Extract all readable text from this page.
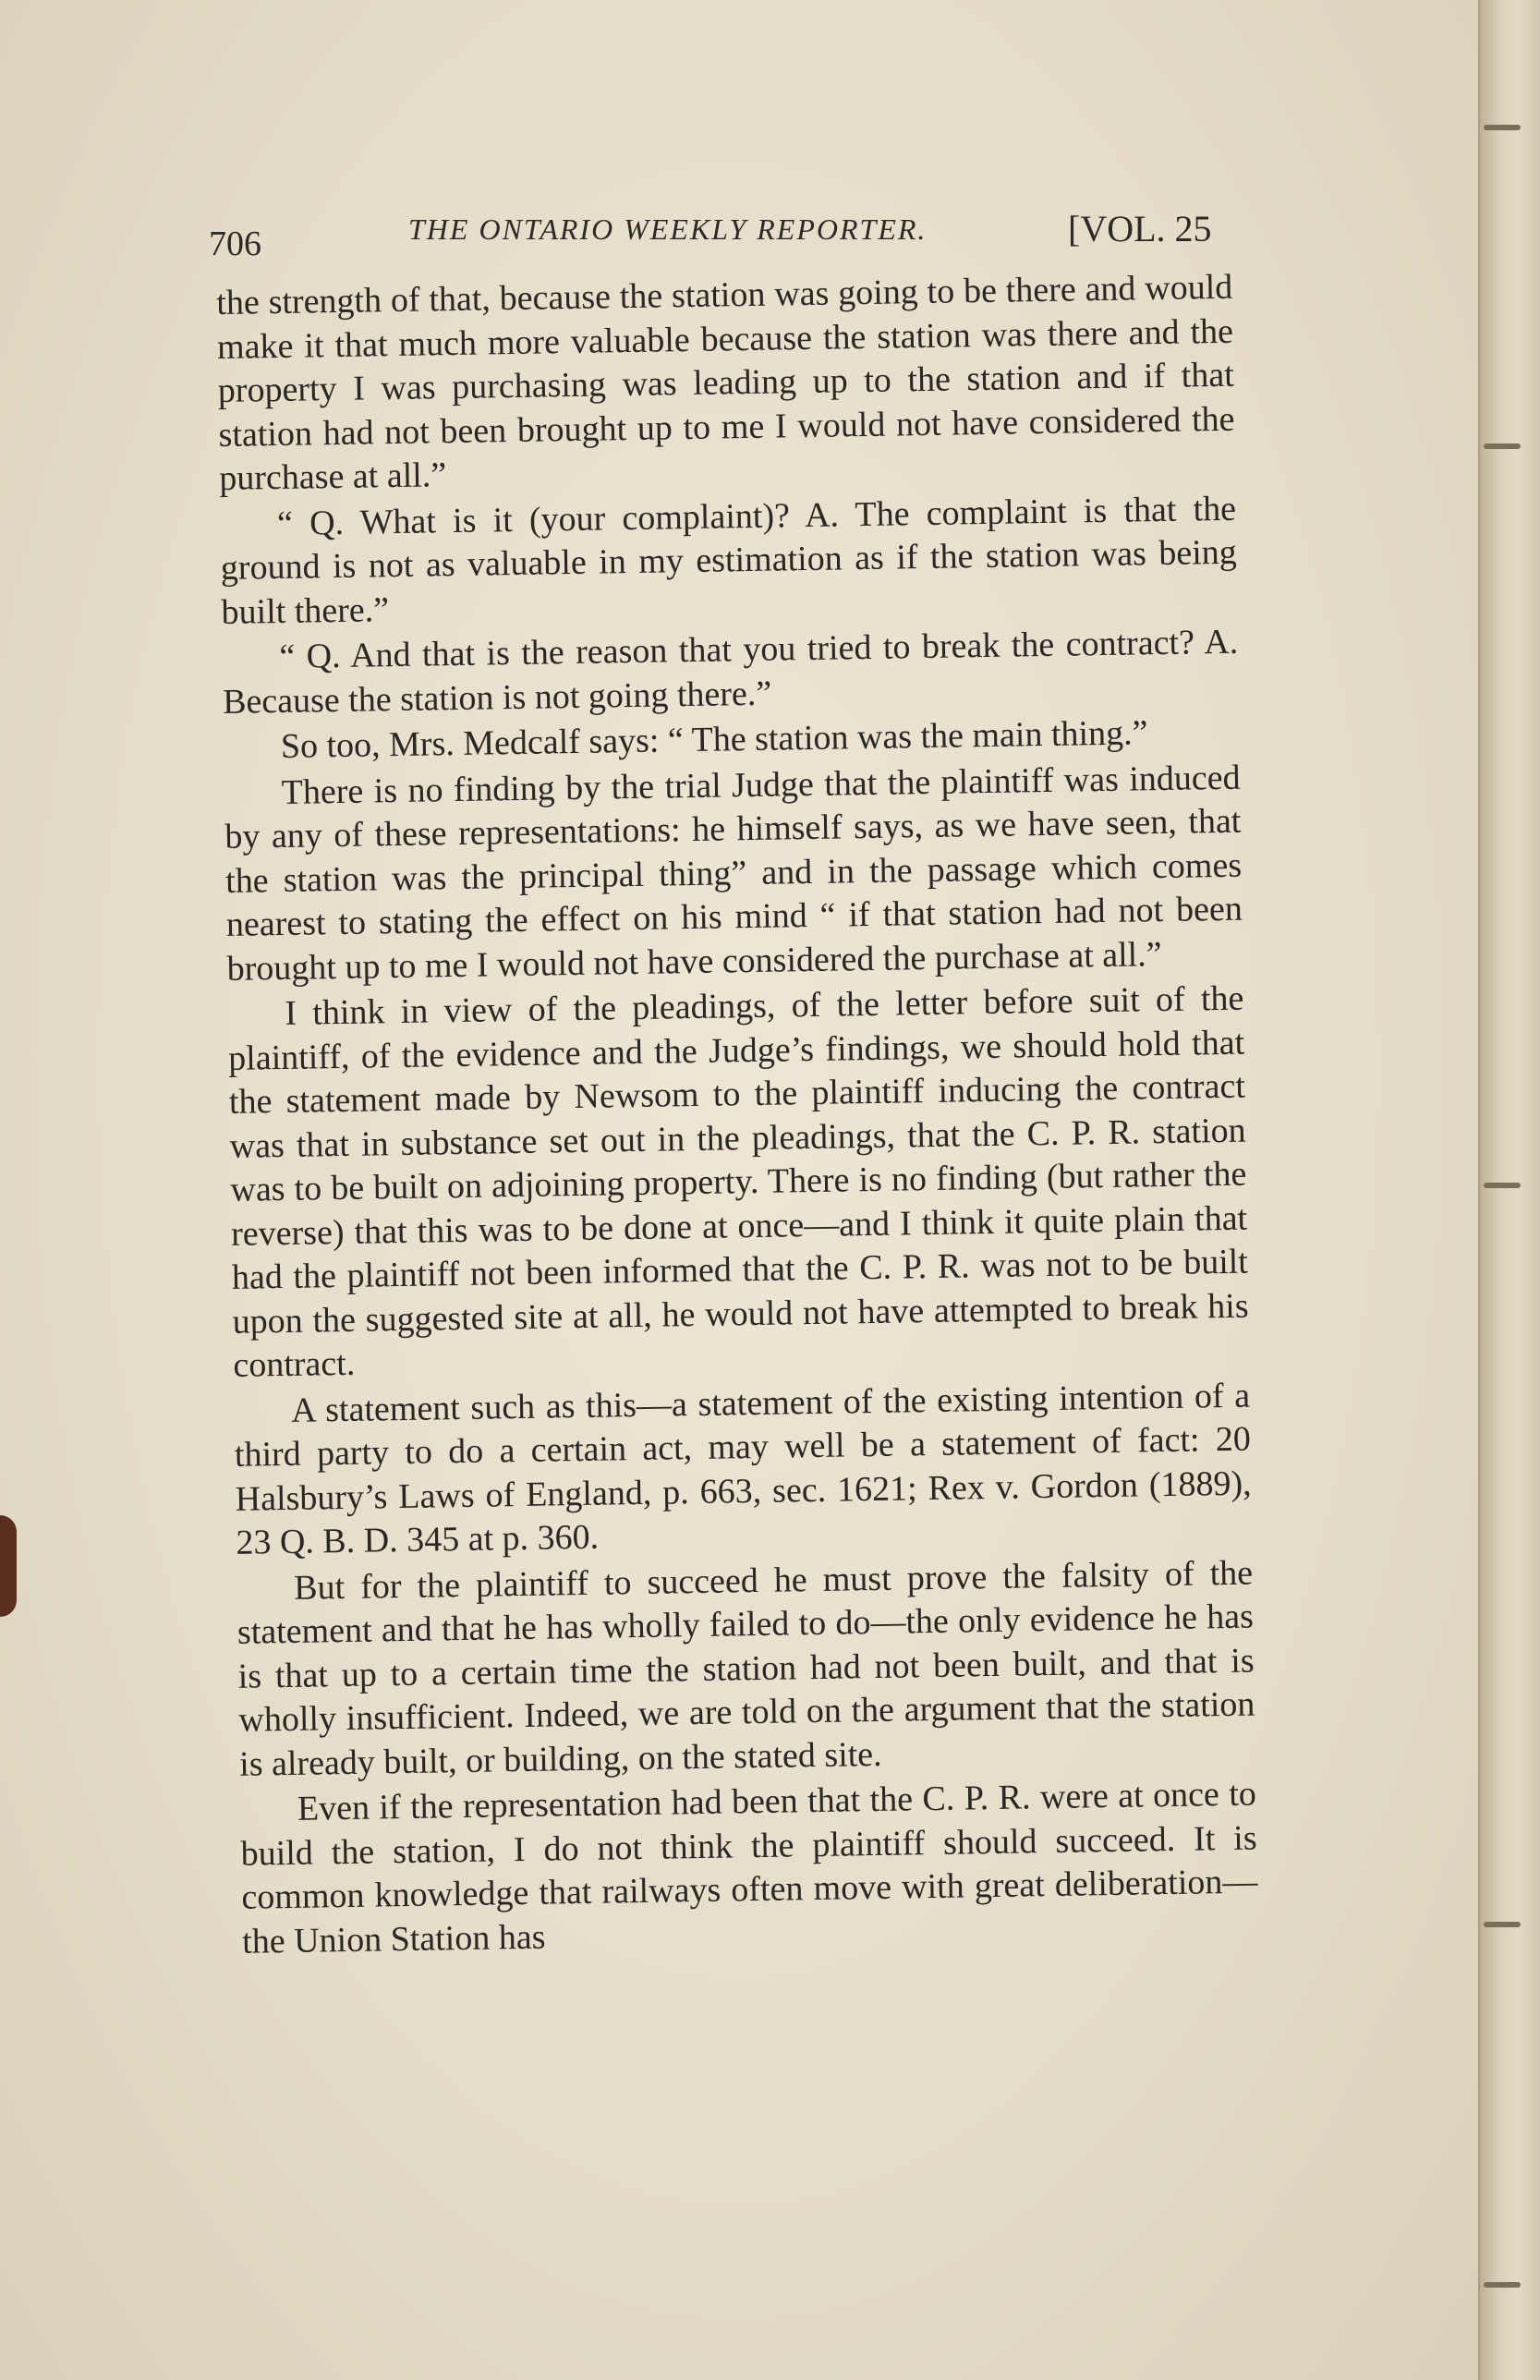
706	THE ONTARIO WEEKLY REPORTER.	[VOL. 25

the strength of that, because the station was going to be there and would make it that much more valuable because the station was there and the property I was purchasing was leading up to the station and if that station had not been brought up to me I would not have considered the purchase at all.”

“ Q. What is it (your complaint)? A. The complaint is that the ground is not as valuable in my estimation as if the station was being built there.”

“ Q. And that is the reason that you tried to break the contract? A. Because the station is not going there.”

So too, Mrs. Medcalf says: “ The station was the main thing.”

There is no finding by the trial Judge that the plaintiff was induced by any of these representations: he himself says, as we have seen, that the station was the principal thing” and in the passage which comes nearest to stating the effect on his mind “ if that station had not been brought up to me I would not have considered the purchase at all.”

I think in view of the pleadings, of the letter before suit of the plaintiff, of the evidence and the Judge’s findings, we should hold that the statement made by Newsom to the plaintiff inducing the contract was that in substance set out in the pleadings, that the C. P. R. station was to be built on adjoining property. There is no finding (but rather the reverse) that this was to be done at once—and I think it quite plain that had the plaintiff not been informed that the C. P. R. was not to be built upon the suggested site at all, he would not have attempted to break his contract.

A statement such as this—a statement of the existing intention of a third party to do a certain act, may well be a statement of fact: 20 Halsbury’s Laws of England, p. 663, sec. 1621; Rex v. Gordon (1889), 23 Q. B. D. 345 at p. 360.

But for the plaintiff to succeed he must prove the falsity of the statement and that he has wholly failed to do—the only evidence he has is that up to a certain time the station had not been built, and that is wholly insufficient. Indeed, we are told on the argument that the station is already built, or building, on the stated site.

Even if the representation had been that the C. P. R. were at once to build the station, I do not think the plaintiff should succeed. It is common knowledge that railways often move with great deliberation—the Union Station has
